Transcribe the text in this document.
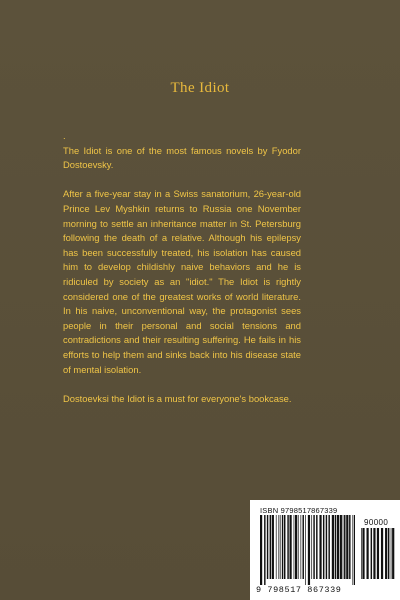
The Idiot

.

The Idiot is one of the most famous novels by Fyodor Dostoevsky.

After a five-year stay in a Swiss sanatorium, 26-year-old Prince Lev Myshkin returns to Russia one November morning to settle an inheritance matter in St. Petersburg following the death of a relative. Although his epilepsy has been successfully treated, his isolation has caused him to develop childishly naive behaviors and he is ridiculed by society as an "idiot." The Idiot is rightly considered one of the greatest works of world literature. In his naive, unconventional way, the protagonist sees people in their personal and social tensions and contradictions and their resulting suffering. He fails in his efforts to help them and sinks back into his disease state of mental isolation.

Dostoevksi the Idiot is a must for everyone's bookcase.

ISBN 9798517867339
90000
9 798517 867339
